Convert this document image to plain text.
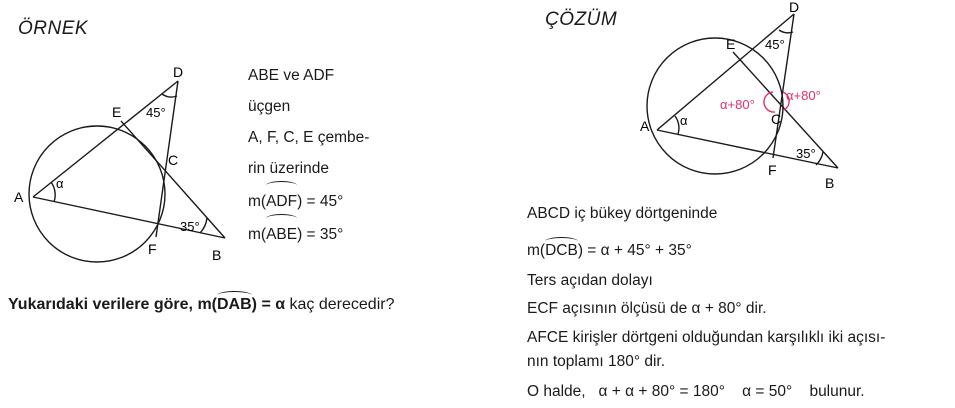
ÖRNEK
D
E
C
A
F	B
α
45°
35°
ABE ve ADF
üçgen
A, F, C, E çembe-
rin üzerinde
m(ADF) = 45°
m(ABE) = 35°
Yukarıdaki verilere göre, m(DAB) = α kaç derecedir?
ÇÖZÜM
D
E
C
A
F
B
α
45°
35°
α+80°
α+80°
ABCD iç bükey dörtgeninde
m(DCB) = α + 45° + 35°
Ters açıdan dolayı
ECF açısının ölçüsü de α + 80° dir.
AFCE kirişler dörtgeni olduğundan karşılıklı iki açısı-
nın toplamı 180° dir.
O halde,   α + α + 80° = 180°    α = 50°    bulunur.
